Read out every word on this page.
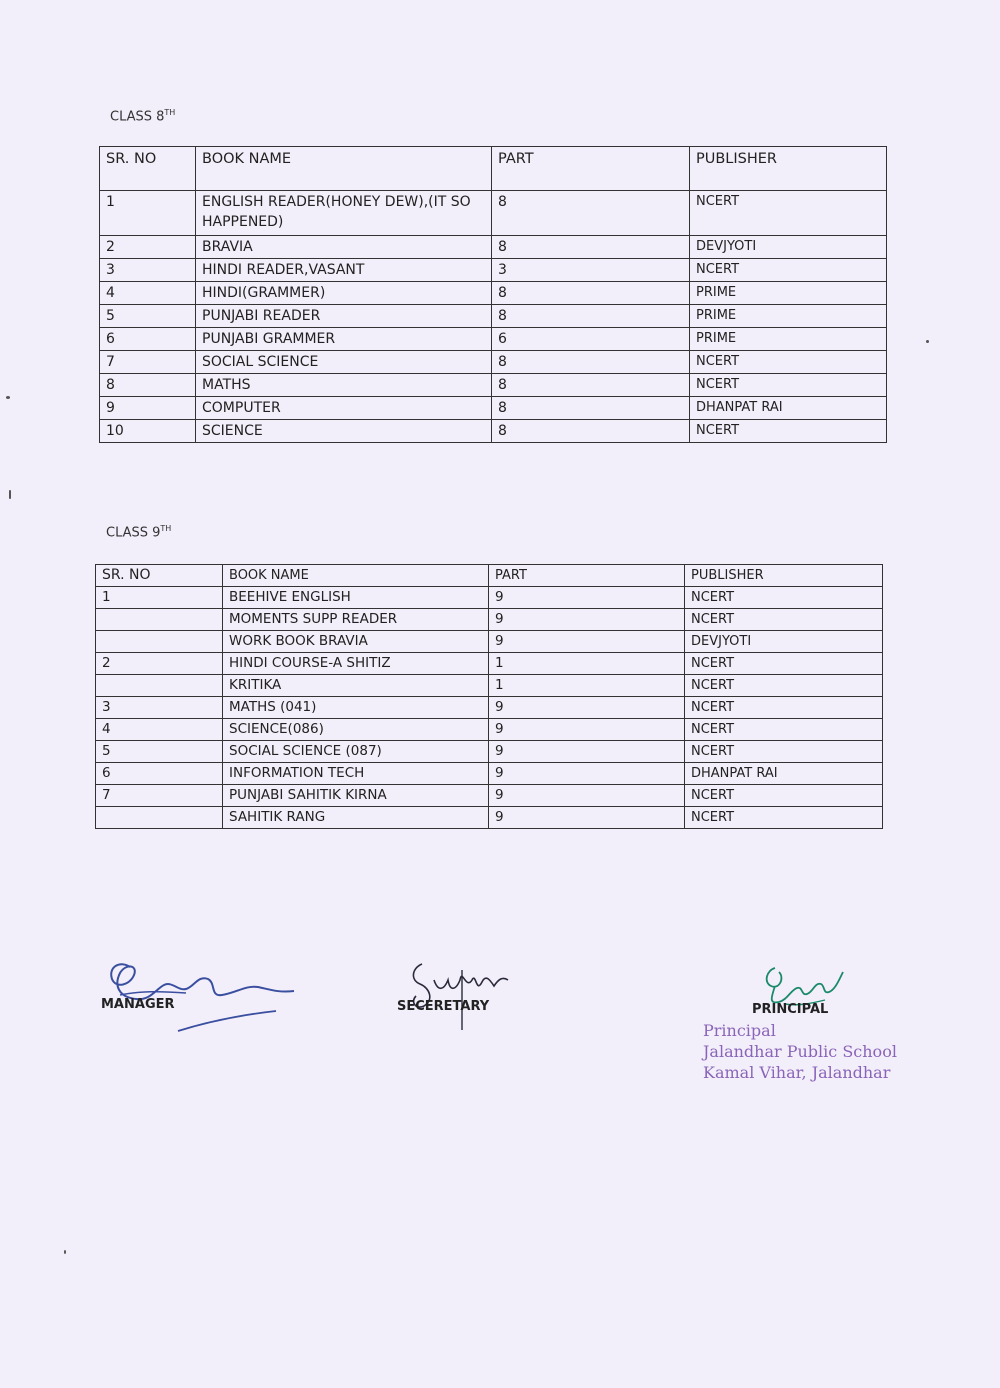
CLASS 8TH
SR. NO	BOOK NAME	PART	PUBLISHER
1	ENGLISH READER(HONEY DEW),(IT SO HAPPENED)	8	NCERT
2	BRAVIA	8	DEVJYOTI
3	HINDI READER,VASANT	3	NCERT
4	HINDI(GRAMMER)	8	PRIME
5	PUNJABI READER	8	PRIME
6	PUNJABI GRAMMER	6	PRIME
7	SOCIAL SCIENCE	8	NCERT
8	MATHS	8	NCERT
9	COMPUTER	8	DHANPAT RAI
10	SCIENCE	8	NCERT
CLASS 9TH
SR. NO	BOOK NAME	PART	PUBLISHER
1	BEEHIVE ENGLISH	9	NCERT
	MOMENTS SUPP READER	9	NCERT
	WORK BOOK BRAVIA	9	DEVJYOTI
2	HINDI COURSE-A SHITIZ	1	NCERT
	KRITIKA	1	NCERT
3	MATHS (041)	9	NCERT
4	SCIENCE(086)	9	NCERT
5	SOCIAL SCIENCE (087)	9	NCERT
6	INFORMATION TECH	9	DHANPAT RAI
7	PUNJABI SAHITIK KIRNA	9	NCERT
	SAHITIK RANG	9	NCERT
MANAGER	SECERETARY	PRINCIPAL
Principal
Jalandhar Public School
Kamal Vihar, Jalandhar
